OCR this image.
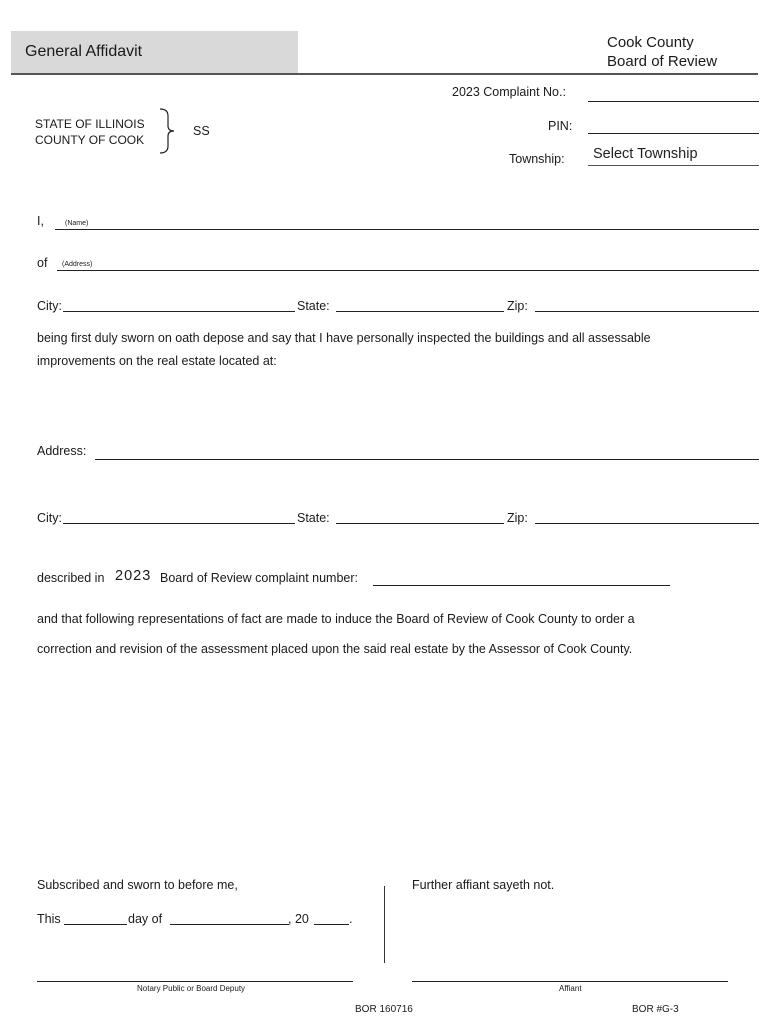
General Affidavit
Cook County
Board of Review
2023 Complaint No.:
PIN:
Township:	Select Township
STATE OF ILLINOIS
COUNTY OF COOK
SS
I,	(Name)
of (Address)
City:	State:	Zip:
being first duly sworn on oath depose and say that I have personally inspected the buildings and all assessable
improvements on the real estate located at:
Address:
City:	State:	Zip:
described in 2023 Board of Review complaint number:
and that following representations of fact are made to induce the Board of Review of Cook County to order a
correction and revision of the assessment placed upon the said real estate by the Assessor of Cook County.
Subscribed and sworn to before me,
This	day of	, 20	.
Further affiant sayeth not.
Notary Public or Board Deputy	Affiant
BOR 160716	BOR #G-3
